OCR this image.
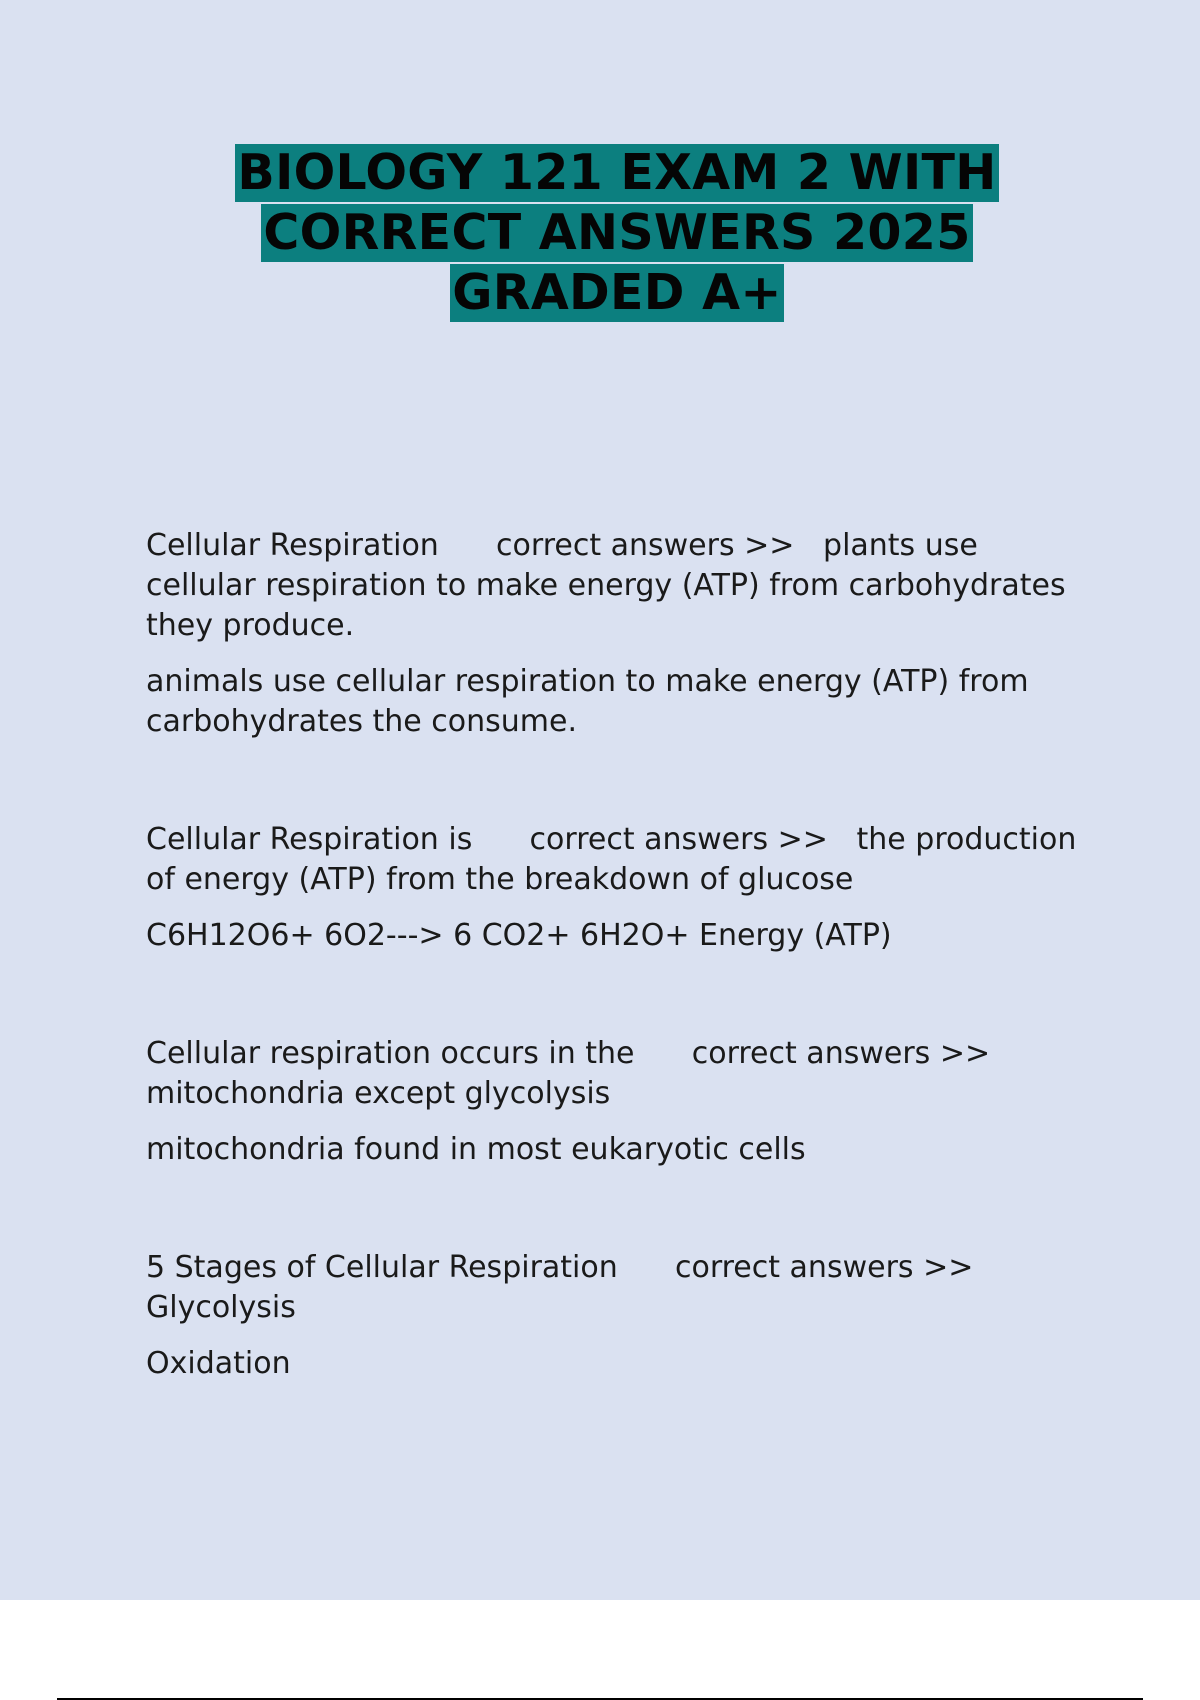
BIOLOGY 121 EXAM 2 WITH
CORRECT ANSWERS 2025
GRADED A+

Cellular Respiration      correct answers >>   plants use cellular respiration to make energy (ATP) from carbohydrates they produce.

animals use cellular respiration to make energy (ATP) from carbohydrates the consume.

Cellular Respiration is      correct answers >>   the production of energy (ATP) from the breakdown of glucose

C6H12O6+ 6O2---> 6 CO2+ 6H2O+ Energy (ATP)

Cellular respiration occurs in the      correct answers >> mitochondria except glycolysis

mitochondria found in most eukaryotic cells

5 Stages of Cellular Respiration      correct answers >> Glycolysis

Oxidation
